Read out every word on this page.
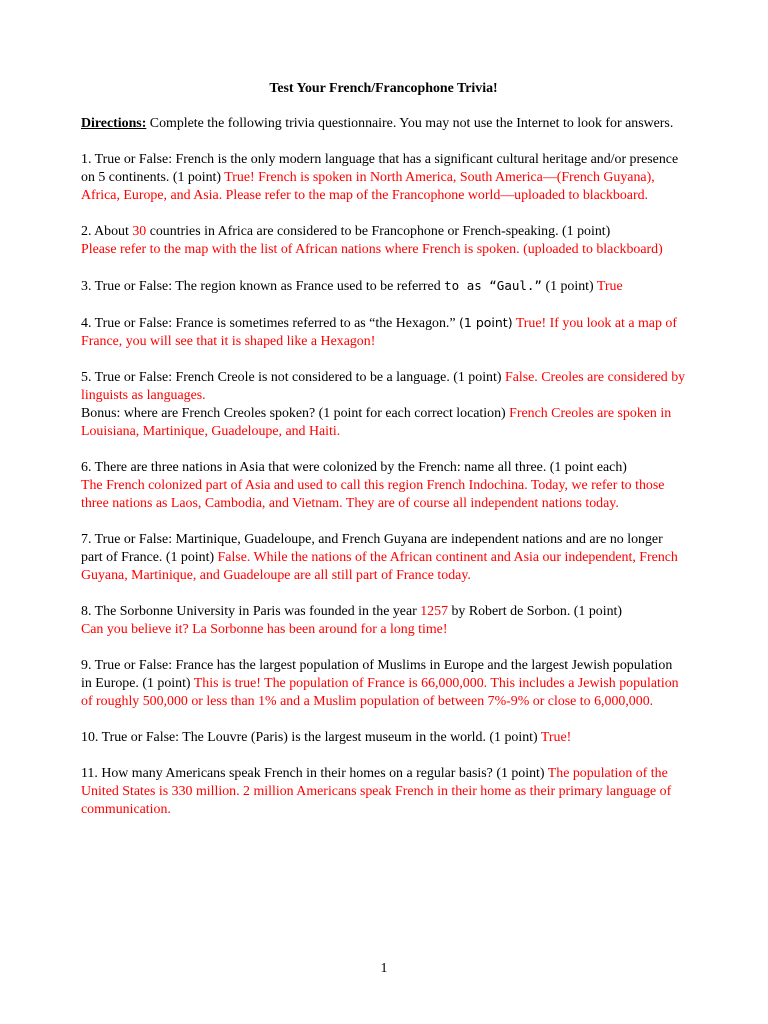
Test Your French/Francophone Trivia!
Directions: Complete the following trivia questionnaire. You may not use the Internet to look for answers.
1. True or False: French is the only modern language that has a significant cultural heritage and/or presence on 5 continents. (1 point) True! French is spoken in North America, South America—(French Guyana), Africa, Europe, and Asia. Please refer to the map of the Francophone world—uploaded to blackboard.
2. About 30 countries in Africa are considered to be Francophone or French-speaking. (1 point)
Please refer to the map with the list of African nations where French is spoken. (uploaded to blackboard)
3. True or False: The region known as France used to be referred to as “Gaul.” (1 point) True
4. True or False: France is sometimes referred to as “the Hexagon.” (1 point) True! If you look at a map of France, you will see that it is shaped like a Hexagon!
5. True or False: French Creole is not considered to be a language. (1 point) False. Creoles are considered by linguists as languages.
Bonus: where are French Creoles spoken? (1 point for each correct location) French Creoles are spoken in Louisiana, Martinique, Guadeloupe, and Haiti.
6. There are three nations in Asia that were colonized by the French: name all three. (1 point each)
The French colonized part of Asia and used to call this region French Indochina. Today, we refer to those three nations as Laos, Cambodia, and Vietnam. They are of course all independent nations today.
7. True or False: Martinique, Guadeloupe, and French Guyana are independent nations and are no longer part of France. (1 point) False. While the nations of the African continent and Asia our independent, French Guyana, Martinique, and Guadeloupe are all still part of France today.
8. The Sorbonne University in Paris was founded in the year 1257 by Robert de Sorbon. (1 point)
Can you believe it? La Sorbonne has been around for a long time!
9. True or False: France has the largest population of Muslims in Europe and the largest Jewish population in Europe. (1 point) This is true! The population of France is 66,000,000. This includes a Jewish population of roughly 500,000 or less than 1% and a Muslim population of between 7%-9% or close to 6,000,000.
10. True or False: The Louvre (Paris) is the largest museum in the world. (1 point) True!
11. How many Americans speak French in their homes on a regular basis? (1 point) The population of the United States is 330 million. 2 million Americans speak French in their home as their primary language of communication.
1
